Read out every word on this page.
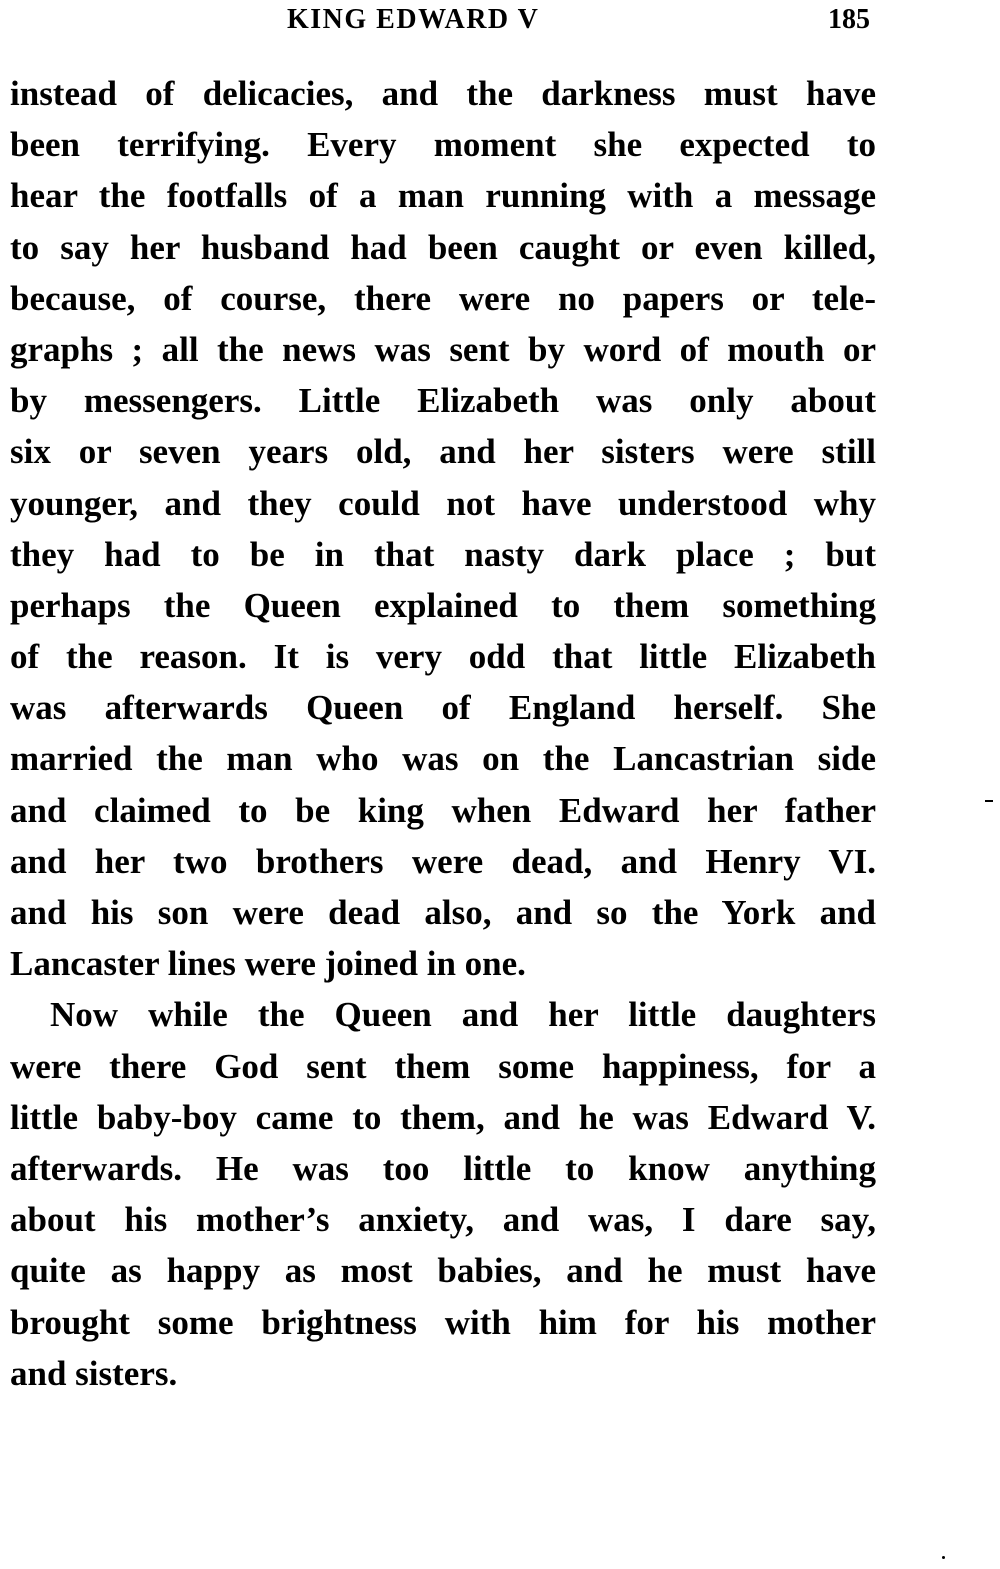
KING EDWARD V	185
instead of delicacies, and the darkness must have
been terrifying. Every moment she expected to
hear the footfalls of a man running with a message
to say her husband had been caught or even killed,
because, of course, there were no papers or tele-
graphs ; all the news was sent by word of mouth or
by messengers. Little Elizabeth was only about
six or seven years old, and her sisters were still
younger, and they could not have understood why
they had to be in that nasty dark place ; but
perhaps the Queen explained to them something
of the reason. It is very odd that little Elizabeth
was afterwards Queen of England herself. She
married the man who was on the Lancastrian side
and claimed to be king when Edward her father
and her two brothers were dead, and Henry VI.
and his son were dead also, and so the York and
Lancaster lines were joined in one.
Now while the Queen and her little daughters
were there God sent them some happiness, for a
little baby-boy came to them, and he was Edward V.
afterwards. He was too little to know anything
about his mother’s anxiety, and was, I dare say,
quite as happy as most babies, and he must have
brought some brightness with him for his mother
and sisters.
